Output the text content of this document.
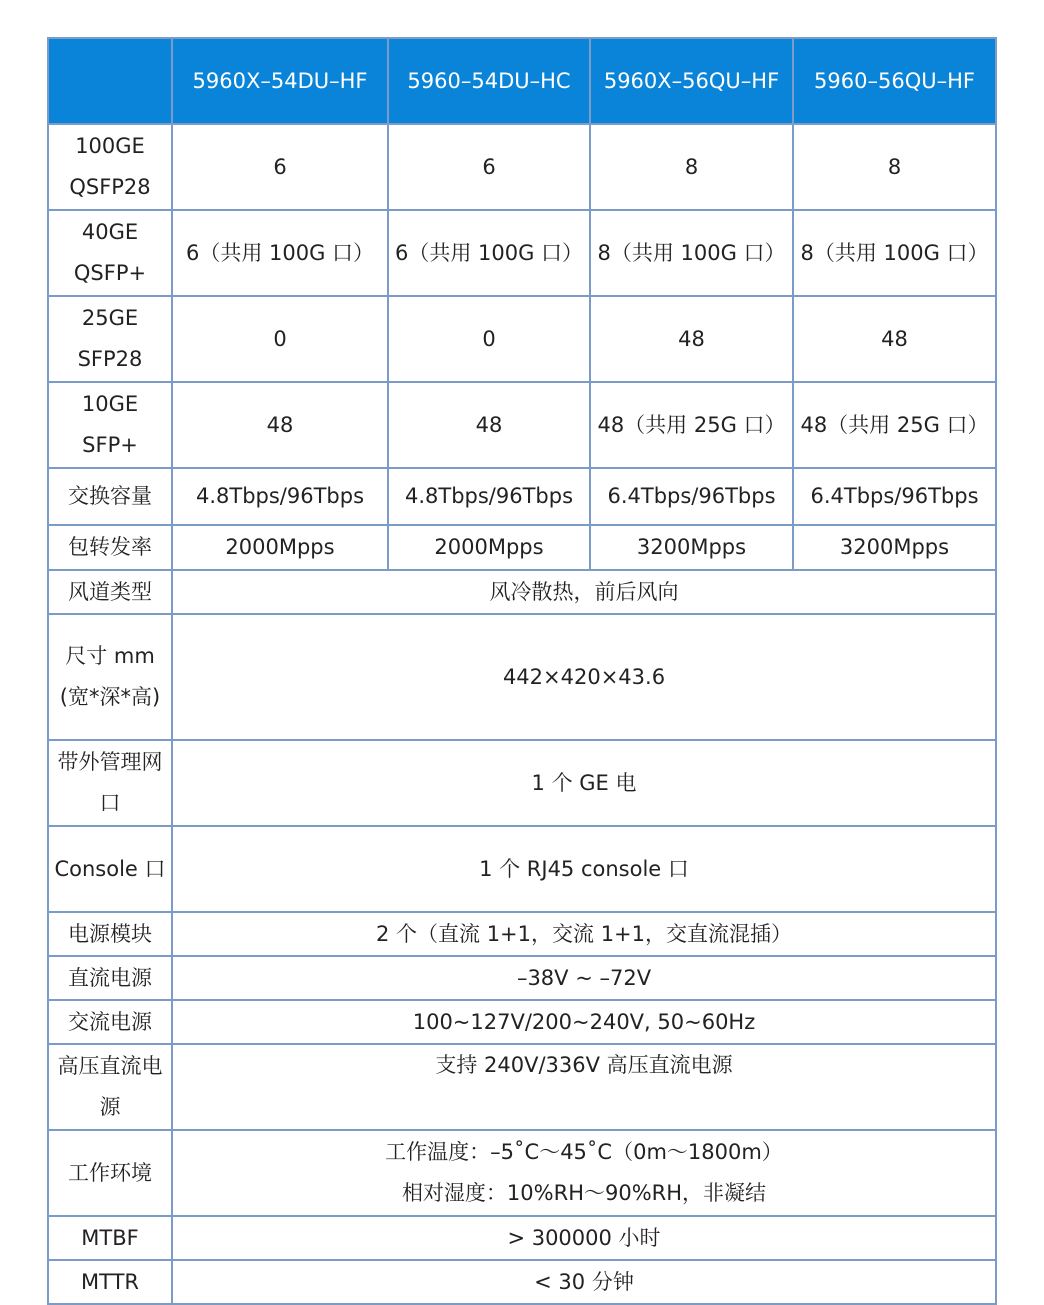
	5960X–54DU–HF	5960–54DU–HC	5960X–56QU–HF	5960–56QU–HF
100GE QSFP28	6	6	8	8
40GE QSFP+	6（共用 100G 口）	6（共用 100G 口）	8（共用 100G 口）	8（共用 100G 口）
25GE SFP28	0	0	48	48
10GE SFP+	48	48	48（共用 25G 口）	48（共用 25G 口）
交换容量	4.8Tbps/96Tbps	4.8Tbps/96Tbps	6.4Tbps/96Tbps	6.4Tbps/96Tbps
包转发率	2000Mpps	2000Mpps	3200Mpps	3200Mpps
风道类型	风冷散热，前后风向			
尺寸 mm (宽*深*高)	442×420×43.6			
带外管理网口	1 个 GE 电			
Console 口	1 个 RJ45 console 口			
电源模块	2 个（直流 1+1，交流 1+1，交直流混插）			
直流电源	–38V ~ –72V			
交流电源	100~127V/200~240V, 50~60Hz			
高压直流电源	支持 240V/336V 高压直流电源			
工作环境	工作温度：–5˚C～45˚C（0m～1800m）
相对湿度：10%RH～90%RH，非凝结			

MTBF	> 300000 小时			
MTTR	< 30 分钟			
